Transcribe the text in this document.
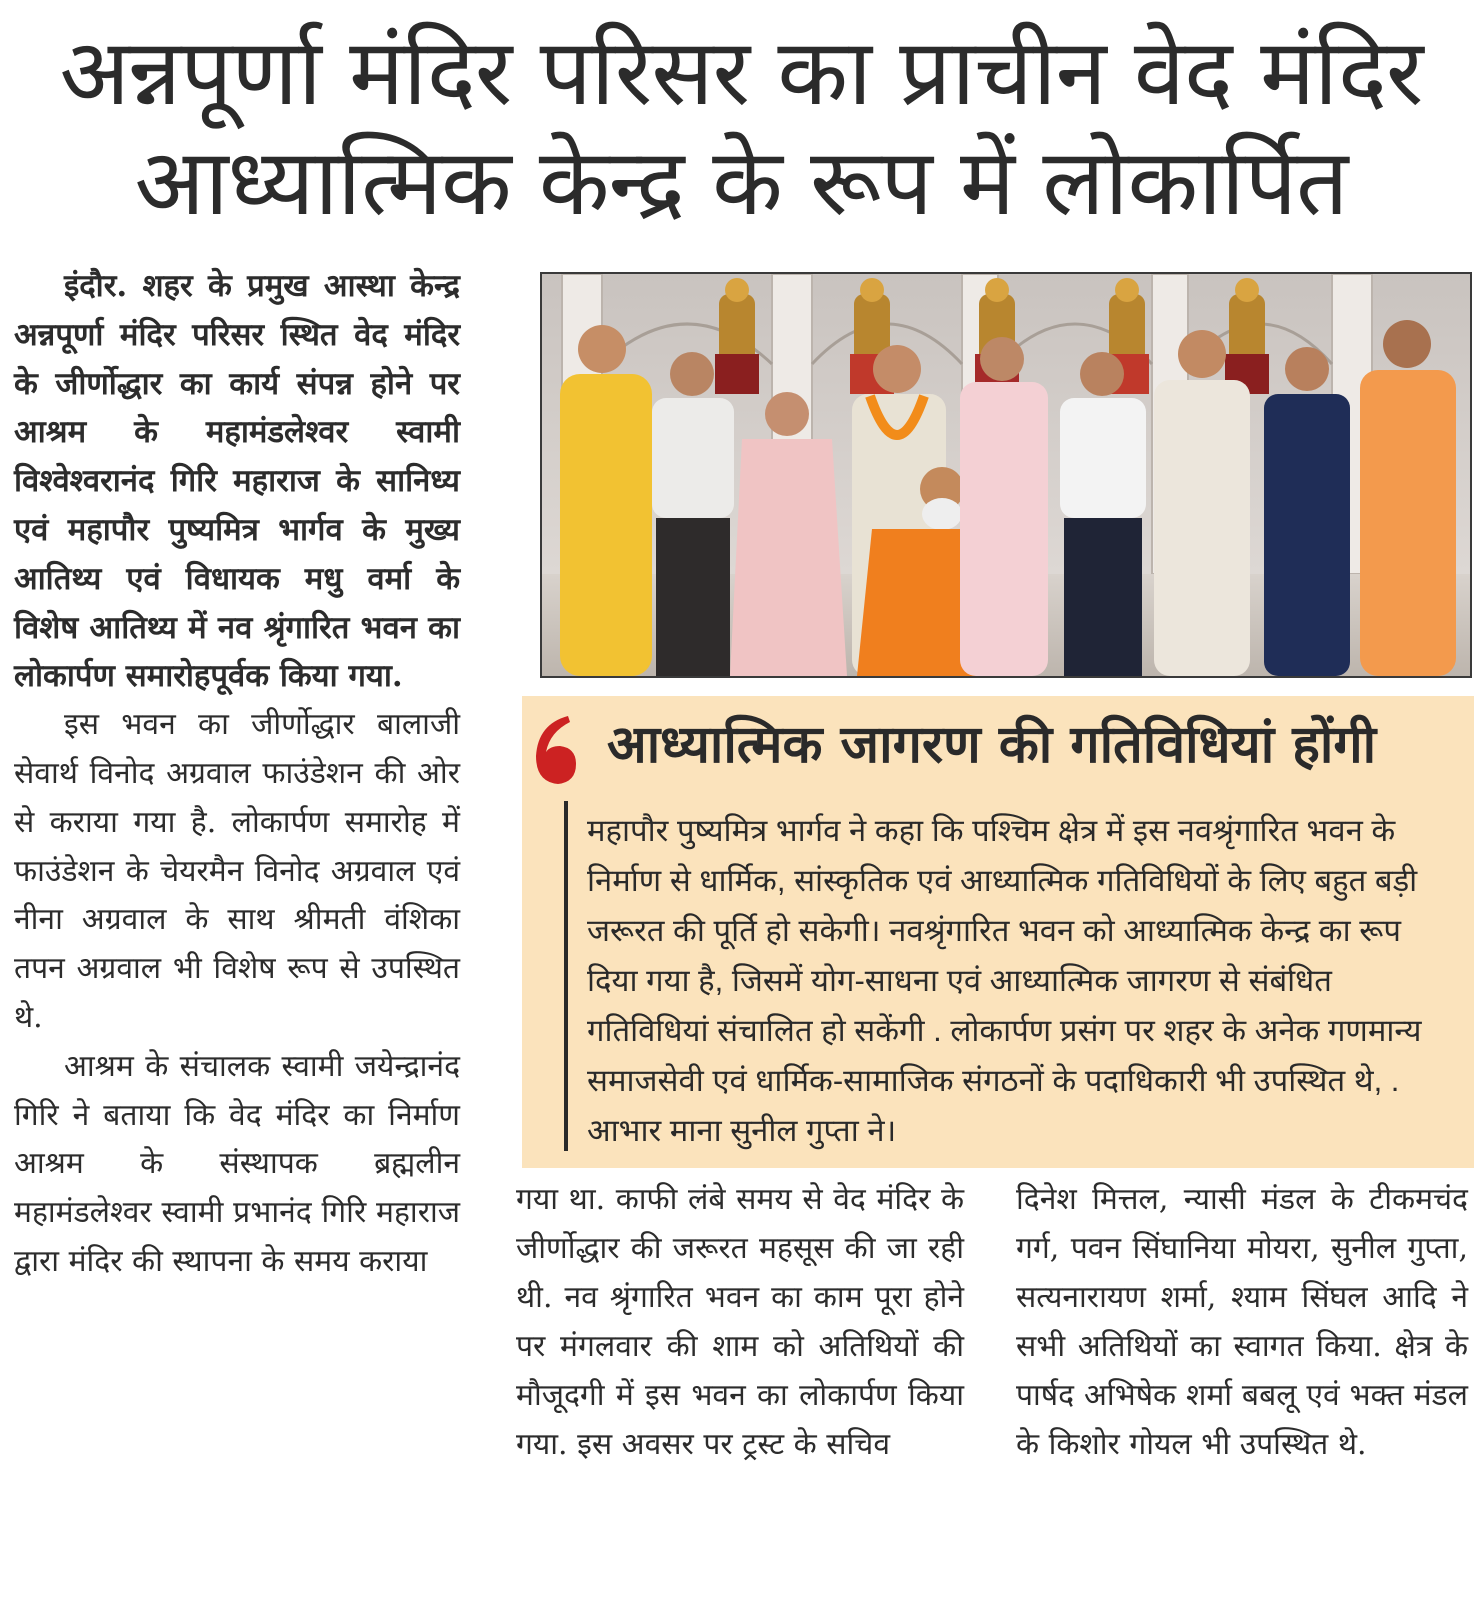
अन्नपूर्णा मंदिर परिसर का प्राचीन वेद मंदिर
आध्यात्मिक केन्द्र के रूप में लोकार्पित

इंदौर. शहर के प्रमुख आस्था केन्द्र अन्नपूर्णा मंदिर परिसर स्थित वेद मंदिर के जीर्णोद्धार का कार्य संपन्न होने पर आश्रम के महामंडलेश्वर स्वामी विश्वेश्वरानंद गिरि महाराज के सानिध्य एवं महापौर पुष्यमित्र भार्गव के मुख्य आतिथ्य एवं विधायक मधु वर्मा के विशेष आतिथ्य में नव श्रृंगारित भवन का लोकार्पण समारोहपूर्वक किया गया.

इस भवन का जीर्णोद्धार बालाजी सेवार्थ विनोद अग्रवाल फाउंडेशन की ओर से कराया गया है. लोकार्पण समारोह में फाउंडेशन के चेयरमैन विनोद अग्रवाल एवं नीना अग्रवाल के साथ श्रीमती वंशिका तपन अग्रवाल भी विशेष रूप से उपस्थित थे.

आश्रम के संचालक स्वामी जयेन्द्रानंद गिरि ने बताया कि वेद मंदिर का निर्माण आश्रम के संस्थापक ब्रह्मलीन महामंडलेश्वर स्वामी प्रभानंद गिरि महाराज द्वारा मंदिर की स्थापना के समय कराया

आध्यात्मिक जागरण की गतिविधियां होंगी
महापौर पुष्यमित्र भार्गव ने कहा कि पश्चिम क्षेत्र में इस नवश्रृंगारित भवन के निर्माण से धार्मिक, सांस्कृतिक एवं आध्यात्मिक गतिविधियों के लिए बहुत बड़ी जरूरत की पूर्ति हो सकेगी। नवश्रृंगारित भवन को आध्यात्मिक केन्द्र का रूप दिया गया है, जिसमें योग-साधना एवं आध्यात्मिक जागरण से संबंधित गतिविधियां संचालित हो सकेंगी . लोकार्पण प्रसंग पर शहर के अनेक गणमान्य समाजसेवी एवं धार्मिक-सामाजिक संगठनों के पदाधिकारी भी उपस्थित थे, . आभार माना सुनील गुप्ता ने।

गया था. काफी लंबे समय से वेद मंदिर के जीर्णोद्धार की जरूरत महसूस की जा रही थी. नव श्रृंगारित भवन का काम पूरा होने पर मंगलवार की शाम को अतिथियों की मौजूदगी में इस भवन का लोकार्पण किया गया. इस अवसर पर ट्रस्ट के सचिव

दिनेश मित्तल, न्यासी मंडल के टीकमचंद गर्ग, पवन सिंघानिया मोयरा, सुनील गुप्ता, सत्यनारायण शर्मा, श्याम सिंघल आदि ने सभी अतिथियों का स्वागत किया. क्षेत्र के पार्षद अभिषेक शर्मा बबलू एवं भक्त मंडल के किशोर गोयल भी उपस्थित थे.
